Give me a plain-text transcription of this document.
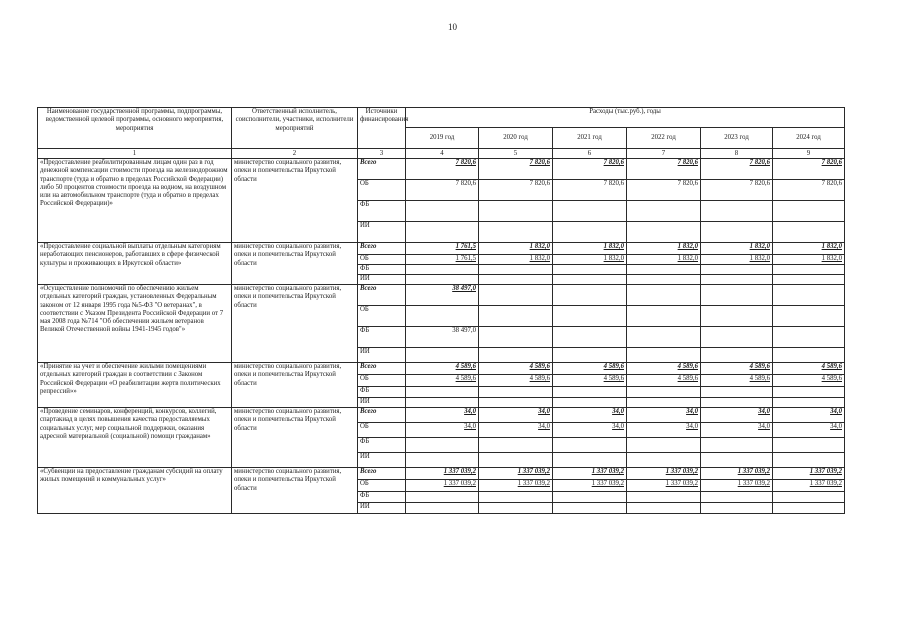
10
Наименование государственной программы, подпрограммы, ведомственной целевой программы, основного мероприятия, мероприятия	Ответственный исполнитель, соисполнители, участники, исполнители мероприятий	Источники финансирования	Расходы (тыс.руб.), годы					
			2019 год	2020 год	2021 год	2022 год	2023 год	2024 год
1	2	3	4	5	6	7	8	9
«Предоставление реабилитированным лицам один раз в год денежной компенсации стоимости проезда на железнодорожном транспорте (туда и обратно в пределах Российской Федерации) либо 50 процентов стоимости проезда на водном, на воздушном или на автомобильном транспорте (туда и обратно в пределах Российской Федерации)»	министерство социального развития, опеки и попечительства Иркутской области	Всего	7 820,6	7 820,6	7 820,6	7 820,6	7 820,6	7 820,6
		ОБ	7 820,6	7 820,6	7 820,6	7 820,6	7 820,6	7 820,6
		ФБ						
		ИИ						
«Предоставление социальной выплаты отдельным категориям неработающих пенсионеров, работавших в сфере физической культуры и проживающих в Иркутской области»	министерство социального развития, опеки и попечительства Иркутской области	Всего	1 761,5	1 832,0	1 832,0	1 832,0	1 832,0	1 832,0
		ОБ	1 761,5	1 832,0	1 832,0	1 832,0	1 832,0	1 832,0
		ФБ						
		ИИ						
«Осуществление полномочий по обеспечению жильем отдельных категорий граждан, установленных Федеральным законом от 12 января 1995 года №5-ФЗ "О ветеранах", в соответствии с Указом Президента Российской Федерации от 7 мая 2008 года №714 "Об обеспечении жильем ветеранов Великой Отечественной войны 1941-1945 годов"»	министерство социального развития, опеки и попечительства Иркутской области	Всего	38 497,0					
		ОБ						
		ФБ	38 497,0					
		ИИ						
«Принятие на учет и обеспечение жилыми помещениями отдельных категорий граждан в соответствии с Законом Российской Федерации «О реабилитации жертв политических репрессий»»	министерство социального развития, опеки и попечительства Иркутской области	Всего	4 589,6	4 589,6	4 589,6	4 589,6	4 589,6	4 589,6
		ОБ	4 589,6	4 589,6	4 589,6	4 589,6	4 589,6	4 589,6
		ФБ						
		ИИ						
«Проведение семинаров, конференций, конкурсов, коллегий, спартакиад в целях повышения качества предоставляемых социальных услуг, мер социальной поддержки, оказания адресной материальной (социальной) помощи гражданам»	министерство социального развития, опеки и попечительства Иркутской области	Всего	34,0	34,0	34,0	34,0	34,0	34,0
		ОБ	34,0	34,0	34,0	34,0	34,0	34,0
		ФБ						
		ИИ						
«Субвенции на предоставление гражданам субсидий на оплату жилых помещений и коммунальных услуг»	министерство социального развития, опеки и попечительства Иркутской области	Всего	1 337 039,2	1 337 039,2	1 337 039,2	1 337 039,2	1 337 039,2	1 337 039,2
		ОБ	1 337 039,2	1 337 039,2	1 337 039,2	1 337 039,2	1 337 039,2	1 337 039,2
		ФБ						
		ИИ						
